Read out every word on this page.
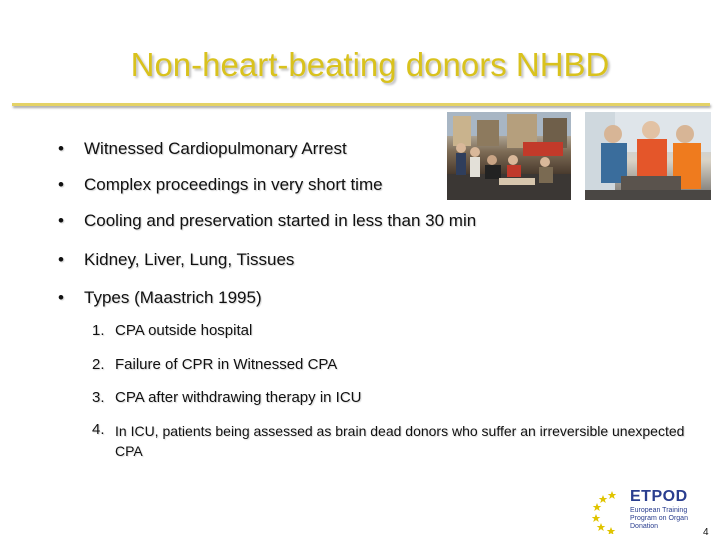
Non-heart-beating donors NHBD
• Witnessed Cardiopulmonary Arrest
• Complex proceedings in very short time
• Cooling and preservation started in less than 30 min
• Kidney, Liver, Lung, Tissues
• Types (Maastrich 1995)
1. CPA outside hospital
2. Failure of CPR in Witnessed CPA
3. CPA after withdrawing therapy in ICU
4. In ICU, patients being assessed as brain dead donors who suffer an irreversible unexpected CPA
ETPOD
European Training Program on Organ Donation
4
